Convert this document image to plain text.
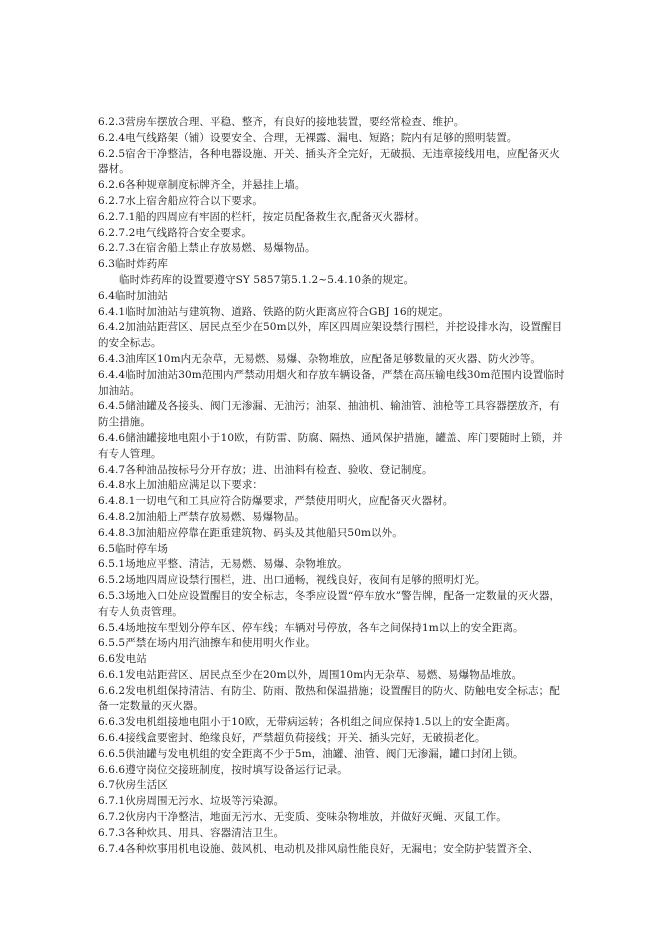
6.2.3营房车摆放合理、平稳、整齐，有良好的接地装置，要经常检查、维护。
6.2.4电气线路架（铺）设要安全、合理，无裸露、漏电、短路；院内有足够的照明装置。
6.2.5宿舍干净整洁，各种电器设施、开关、插头齐全完好，无破损、无违章接线用电，应配备灭火器材。
6.2.6各种规章制度标牌齐全，并悬挂上墙。
6.2.7水上宿舍船应符合以下要求。
6.2.7.1船的四周应有牢固的栏杆，按定员配备救生衣,配备灭火器材。
6.2.7.2电气线路符合安全要求。
6.2.7.3在宿舍船上禁止存放易燃、易爆物品。
6.3临时炸药库
临时炸药库的设置要遵守SY 5857第5.1.2~5.4.10条的规定。
6.4临时加油站
6.4.1临时加油站与建筑物、道路、铁路的防火距离应符合GBJ 16的规定。
6.4.2加油站距营区、居民点至少在50m以外，库区四周应架设禁行围栏，并挖设排水沟，设置醒目的安全标志。
6.4.3油库区10m内无杂草，无易燃、易爆、杂物堆放，应配备足够数量的灭火器、防火沙等。
6.4.4临时加油站30m范围内严禁动用烟火和存放车辆设备，严禁在高压输电线30m范围内设置临时加油站。
6.4.5储油罐及各接头、阀门无渗漏、无油污；油泵、抽油机、输油管、油枪等工具容器摆放齐，有防尘措施。
6.4.6储油罐接地电阻小于10欧，有防雷、防腐、隔热、通风保护措施，罐盖、库门要随时上锁，并有专人管理。
6.4.7各种油品按标号分开存放；进、出油料有检查、验收、登记制度。
6.4.8水上加油船应满足以下要求：
6.4.8.1一切电气和工具应符合防爆要求，严禁使用明火，应配备灭火器材。
6.4.8.2加油船上严禁存放易燃、易爆物品。
6.4.8.3加油船应停靠在距重建筑物、码头及其他船只50m以外。
6.5临时停车场
6.5.1场地应平整、清洁，无易燃、易爆、杂物堆放。
6.5.2场地四周应设禁行围栏，进、出口通畅，视线良好，夜间有足够的照明灯光。
6.5.3场地入口处应设置醒目的安全标志，冬季应设置“停车放水”警告牌，配备一定数量的灭火器，有专人负责管理。
6.5.4场地按车型划分停车区、停车线；车辆对号停放，各车之间保持1m以上的安全距离。
6.5.5严禁在场内用汽油擦车和使用明火作业。
6.6发电站
6.6.1发电站距营区、居民点至少在20m以外，周围10m内无杂草、易燃、易爆物品堆放。
6.6.2发电机组保持清洁、有防尘、防雨、散热和保温措施；设置醒目的防火、防触电安全标志；配备一定数量的灭火器。
6.6.3发电机组接地电阻小于10欧，无带病运转；各机组之间应保持1.5以上的安全距离。
6.6.4接线盒要密封、绝缘良好，严禁超负荷接线；开关、插头完好，无破损老化。
6.6.5供油罐与发电机组的安全距离不少于5m，油罐、油管、阀门无渗漏，罐口封闭上锁。
6.6.6遵守岗位交接班制度，按时填写设备运行记录。
6.7伙房生活区
6.7.1伙房周围无污水、垃圾等污染源。
6.7.2伙房内干净整洁，地面无污水、无变质、变味杂物堆放，并做好灭蝇、灭鼠工作。
6.7.3各种炊具、用具、容器清洁卫生。
6.7.4各种炊事用机电设施、鼓风机、电动机及排风扇性能良好，无漏电；安全防护装置齐全、
